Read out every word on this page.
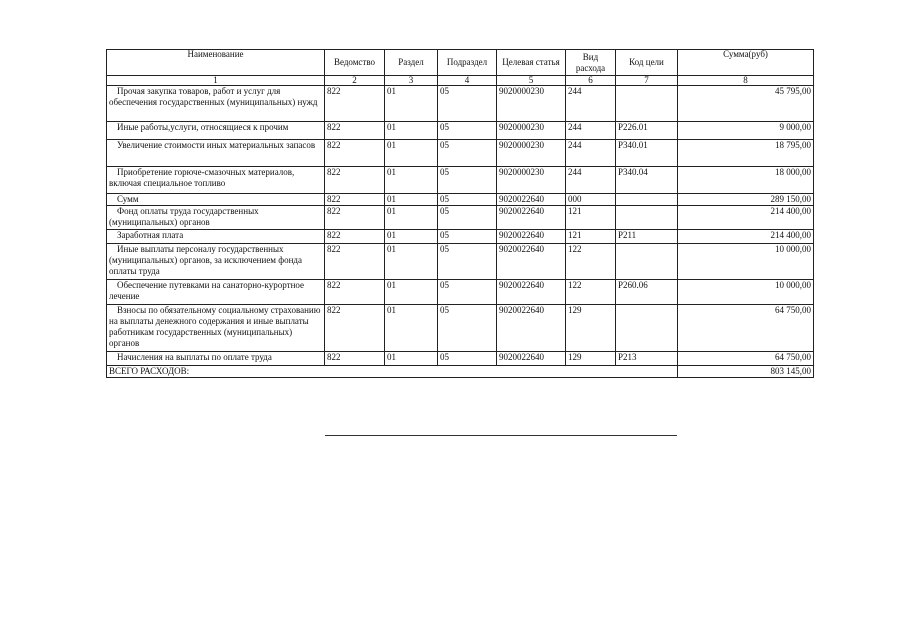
Наименование	Ведомство	Раздел	Подраздел	Целевая статья	Вид расхода	Код цели	Сумма(руб)
1	2	3	4	5	6	7	8
Прочая закупка товаров, работ и услуг для обеспечения государственных (муниципальных) нужд	822	01	05	9020000230	244		45 795,00
Иные работы,услуги, относящиеся к прочим	822	01	05	9020000230	244	Р226.01	9 000,00
Увеличение стоимости иных материальных запасов	822	01	05	9020000230	244	Р340.01	18 795,00
Приобретение горюче-смазочных материалов, включая специальное топливо	822	01	05	9020000230	244	Р340.04	18 000,00
Сумм	822	01	05	9020022640	000		289 150,00
Фонд оплаты труда государственных (муниципальных) органов	822	01	05	9020022640	121		214 400,00
Заработная плата	822	01	05	9020022640	121	Р211	214 400,00
Иные выплаты персоналу государственных (муниципальных) органов, за исключением фонда оплаты труда	822	01	05	9020022640	122		10 000,00
Обеспечение путевками на санаторно-курортное лечение	822	01	05	9020022640	122	Р260.06	10 000,00
Взносы по обязательному социальному страхованию на выплаты денежного содержания и иные выплаты работникам государственных (муниципальных) органов	822	01	05	9020022640	129		64 750,00
Начисления на выплаты по оплате труда	822	01	05	9020022640	129	Р213	64 750,00
ВСЕГО РАСХОДОВ:							803 145,00
